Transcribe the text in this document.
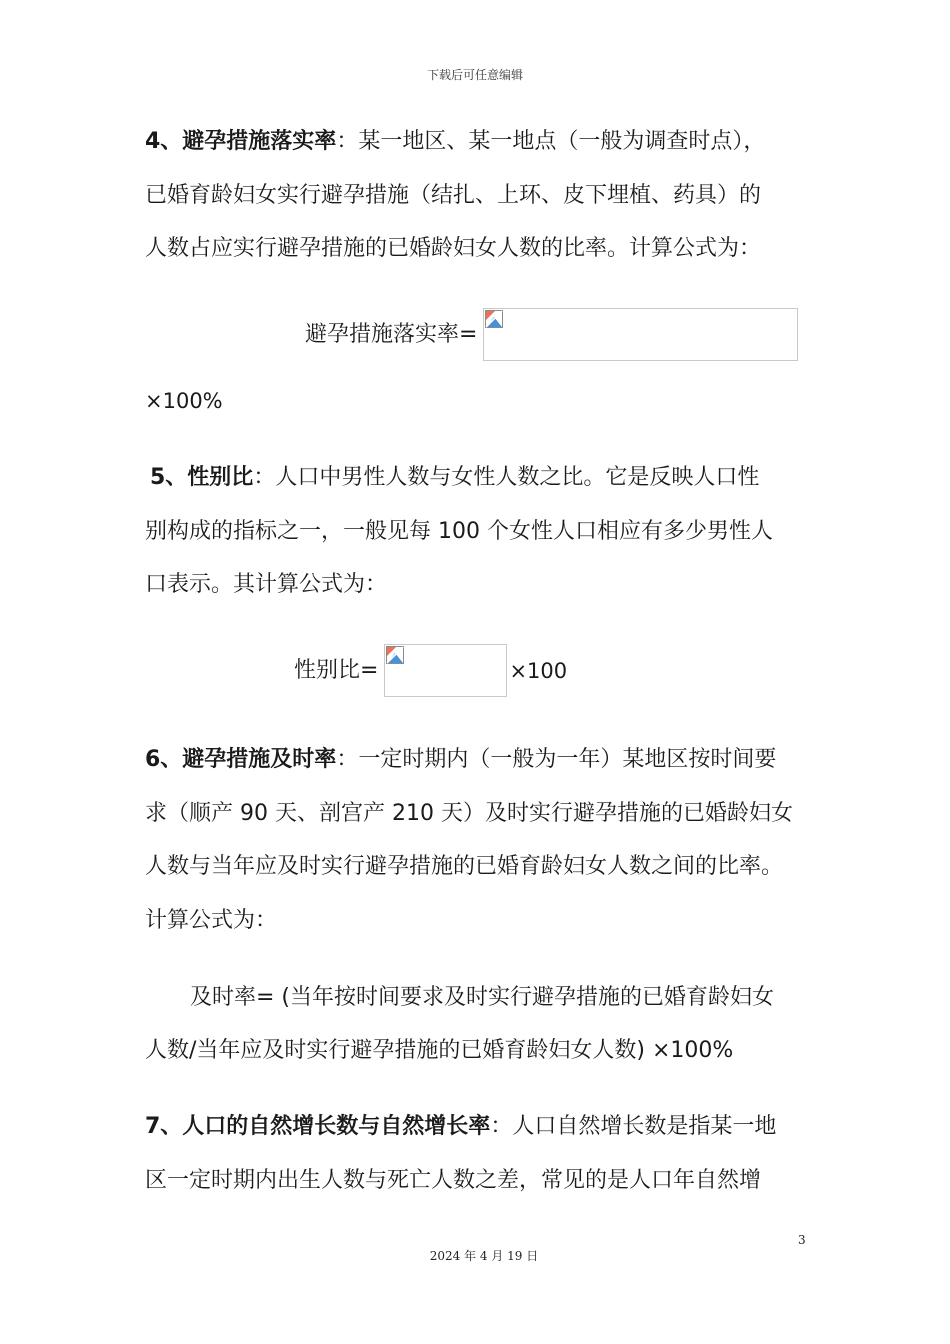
下载后可任意编辑
4、避孕措施落实率：某一地区、某一地点（一般为调查时点），
已婚育龄妇女实行避孕措施（结扎、上环、皮下埋植、药具）的
人数占应实行避孕措施的已婚龄妇女人数的比率。计算公式为：
避孕措施落实率=
×100%
5、性别比：人口中男性人数与女性人数之比。它是反映人口性
别构成的指标之一，一般见每 100 个女性人口相应有多少男性人
口表示。其计算公式为：
性别比=	×100
6、避孕措施及时率：一定时期内（一般为一年）某地区按时间要
求（顺产 90 天、剖宫产 210 天）及时实行避孕措施的已婚龄妇女
人数与当年应及时实行避孕措施的已婚育龄妇女人数之间的比率。
计算公式为：
及时率= (当年按时间要求及时实行避孕措施的已婚育龄妇女
人数/当年应及时实行避孕措施的已婚育龄妇女人数) ×100%
7、人口的自然增长数与自然增长率：人口自然增长数是指某一地
区一定时期内出生人数与死亡人数之差，常见的是人口年自然增
3
2024 年 4 月 19 日
